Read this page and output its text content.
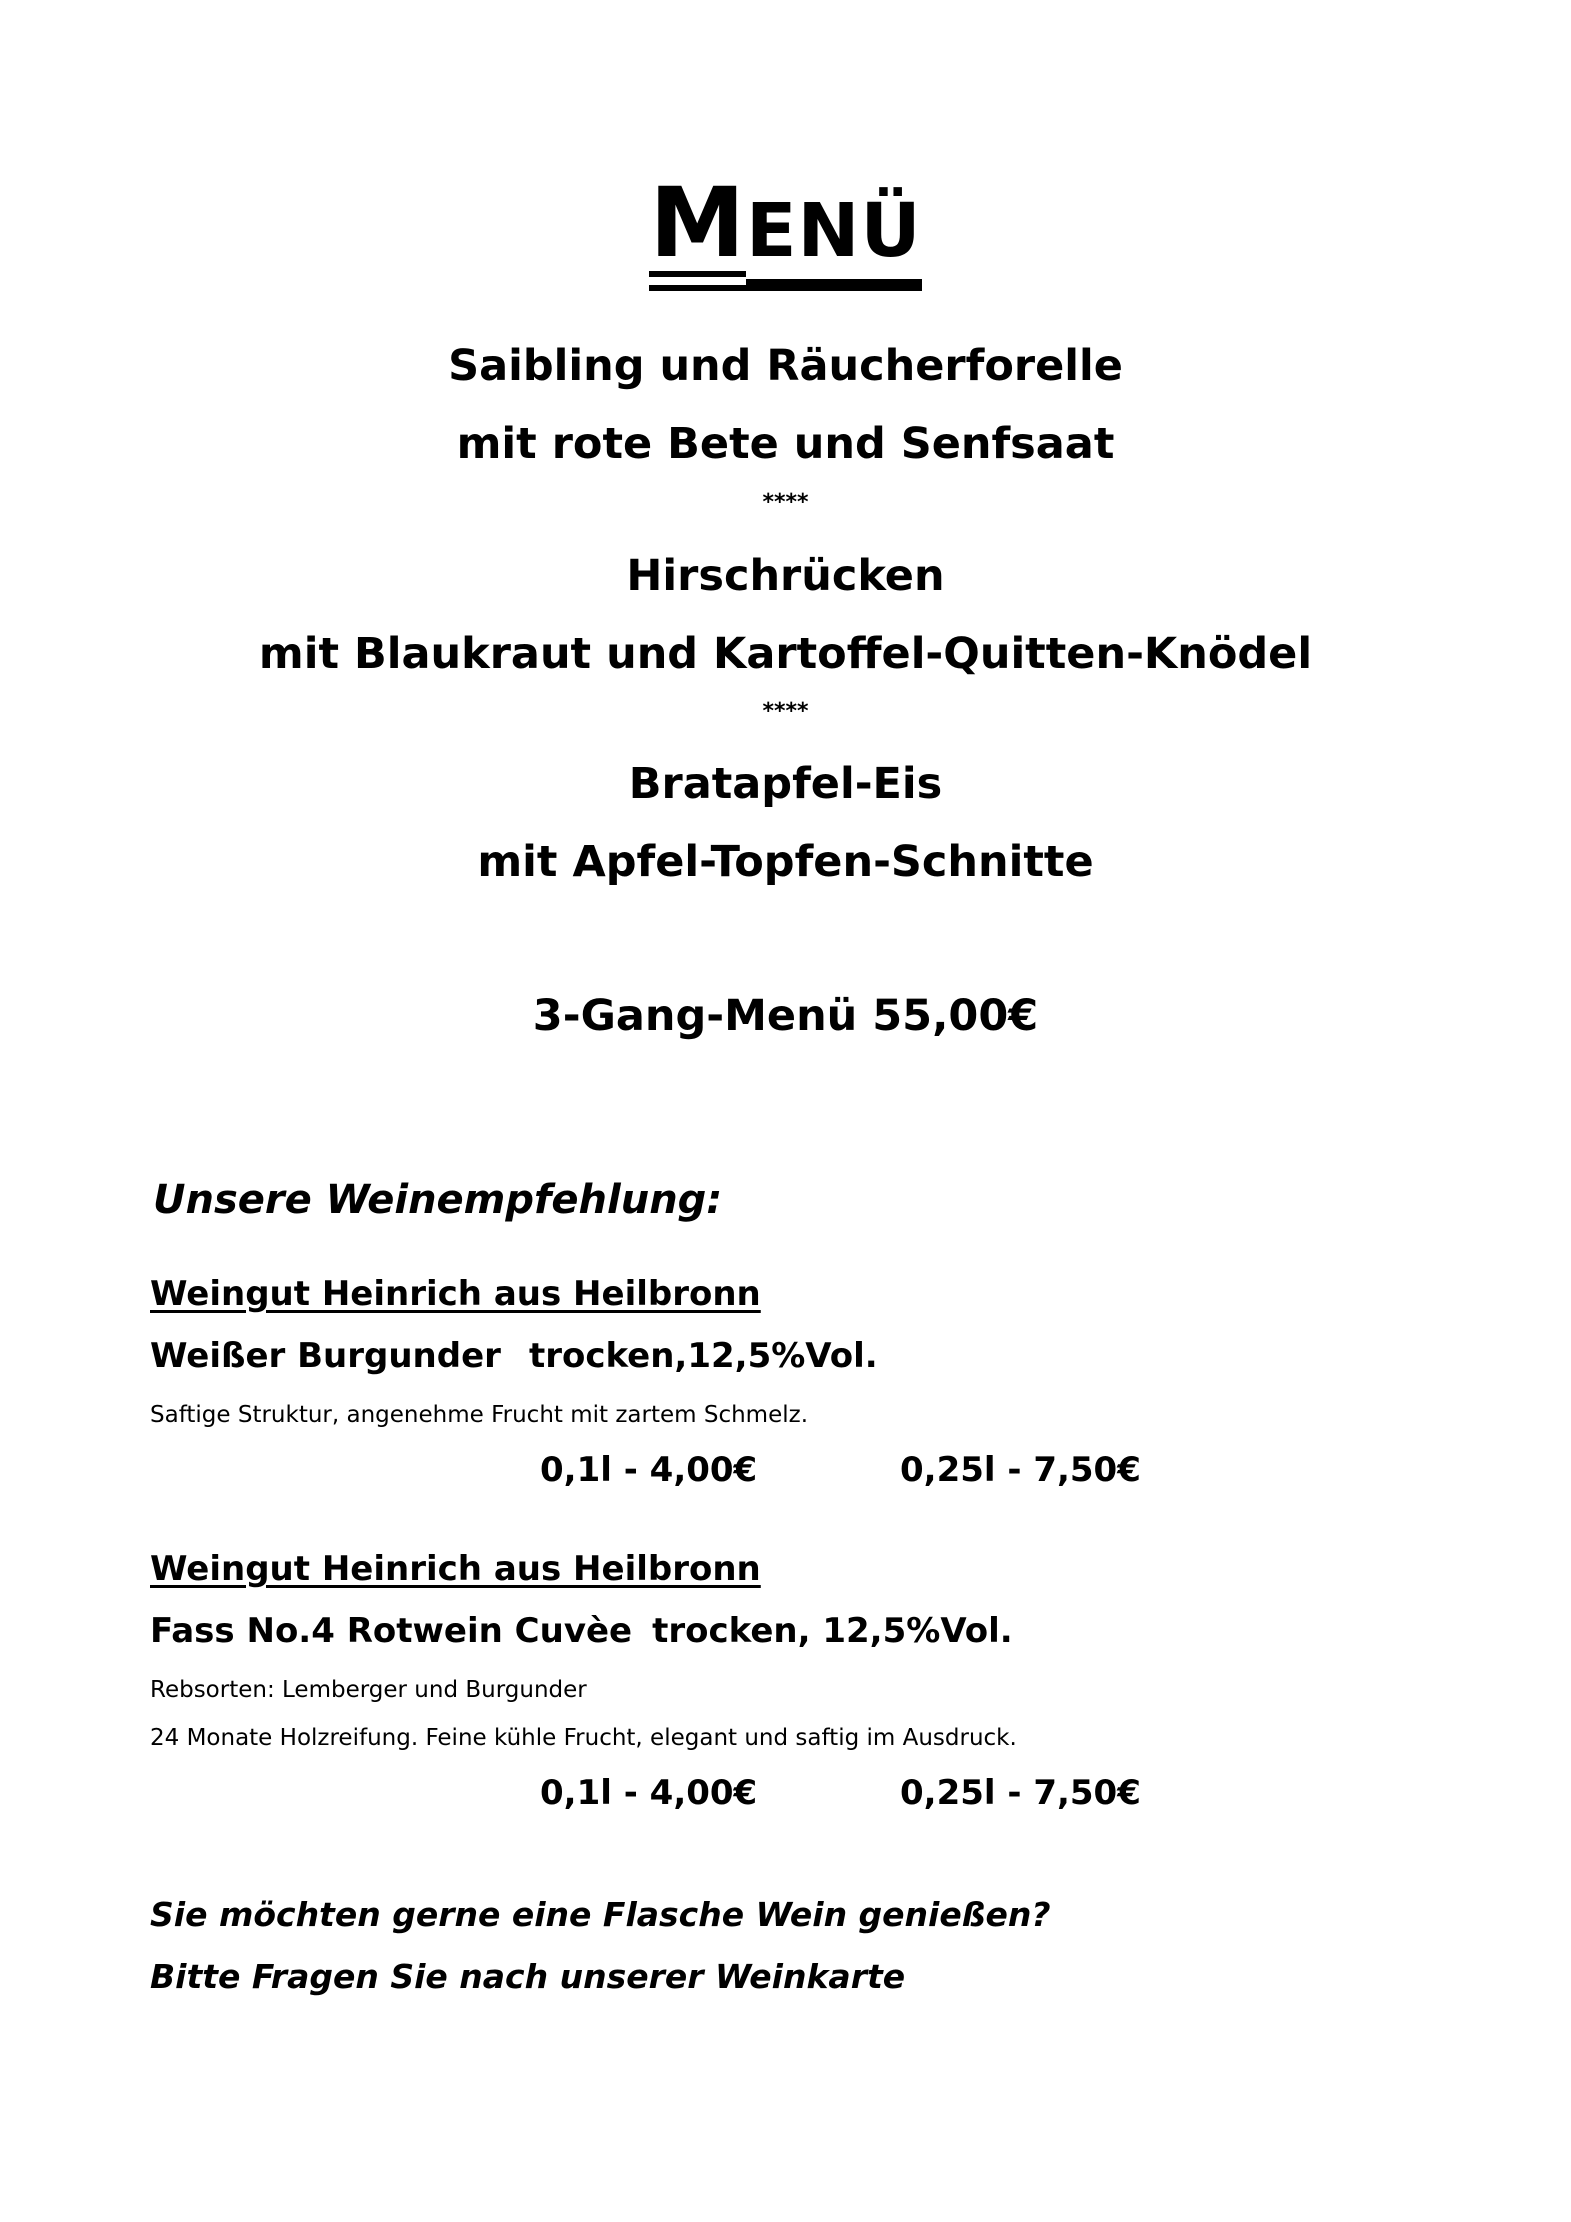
MENÜ
Saibling und Räucherforelle
mit rote Bete und Senfsaat
****
Hirschrücken
mit Blaukraut und Kartoffel-Quitten-Knödel
****
Bratapfel-Eis
mit Apfel-Topfen-Schnitte
3-Gang-Menü 55,00€
Unsere Weinempfehlung:
Weingut Heinrich aus Heilbronn
Weißer Burgunder trocken,12,5%Vol.
Saftige Struktur, angenehme Frucht mit zartem Schmelz.
0,1l - 4,00€	0,25l - 7,50€
Weingut Heinrich aus Heilbronn
Fass No.4 Rotwein Cuvèe trocken, 12,5%Vol.
Rebsorten: Lemberger und Burgunder
24 Monate Holzreifung. Feine kühle Frucht, elegant und saftig im Ausdruck.
0,1l - 4,00€	0,25l - 7,50€
Sie möchten gerne eine Flasche Wein genießen?
Bitte Fragen Sie nach unserer Weinkarte
